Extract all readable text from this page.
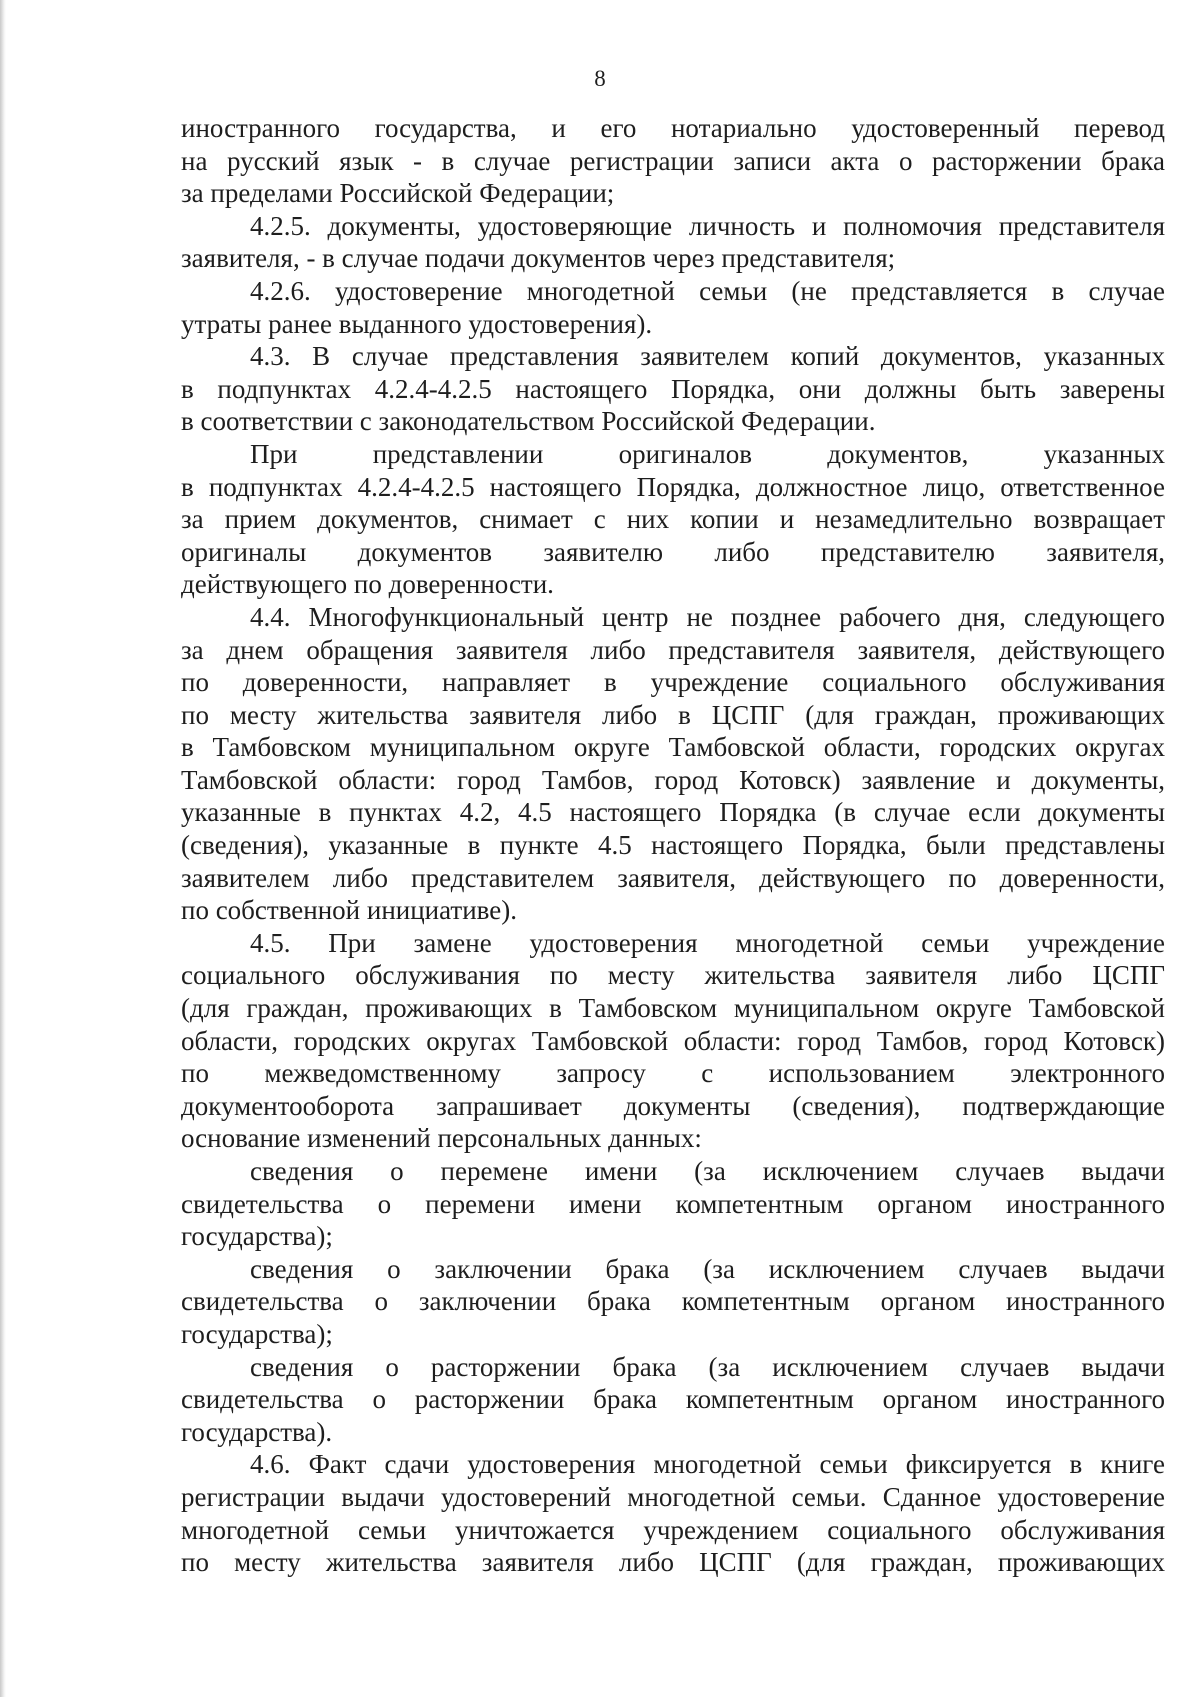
8
иностранного государства, и его нотариально удостоверенный перевод
на русский язык - в случае регистрации записи акта о расторжении брака
за пределами Российской Федерации;
4.2.5. документы, удостоверяющие личность и полномочия представителя
заявителя, - в случае подачи документов через представителя;
4.2.6. удостоверение многодетной семьи (не представляется в случае
утраты ранее выданного удостоверения).
4.3. В случае представления заявителем копий документов, указанных
в подпунктах 4.2.4-4.2.5 настоящего Порядка, они должны быть заверены
в соответствии с законодательством Российской Федерации.
При представлении оригиналов документов, указанных
в подпунктах 4.2.4-4.2.5 настоящего Порядка, должностное лицо, ответственное
за прием документов, снимает с них копии и незамедлительно возвращает
оригиналы документов заявителю либо представителю заявителя,
действующего по доверенности.
4.4. Многофункциональный центр не позднее рабочего дня, следующего
за днем обращения заявителя либо представителя заявителя, действующего
по доверенности, направляет в учреждение социального обслуживания
по месту жительства заявителя либо в ЦСПГ (для граждан, проживающих
в Тамбовском муниципальном округе Тамбовской области, городских округах
Тамбовской области: город Тамбов, город Котовск) заявление и документы,
указанные в пунктах 4.2, 4.5 настоящего Порядка (в случае если документы
(сведения), указанные в пункте 4.5 настоящего Порядка, были представлены
заявителем либо представителем заявителя, действующего по доверенности,
по собственной инициативе).
4.5. При замене удостоверения многодетной семьи учреждение
социального обслуживания по месту жительства заявителя либо ЦСПГ
(для граждан, проживающих в Тамбовском муниципальном округе Тамбовской
области, городских округах Тамбовской области: город Тамбов, город Котовск)
по межведомственному запросу с использованием электронного
документооборота запрашивает документы (сведения), подтверждающие
основание изменений персональных данных:
сведения о перемене имени (за исключением случаев выдачи
свидетельства о перемени имени компетентным органом иностранного
государства);
сведения о заключении брака (за исключением случаев выдачи
свидетельства о заключении брака компетентным органом иностранного
государства);
сведения о расторжении брака (за исключением случаев выдачи
свидетельства о расторжении брака компетентным органом иностранного
государства).
4.6. Факт сдачи удостоверения многодетной семьи фиксируется в книге
регистрации выдачи удостоверений многодетной семьи. Сданное удостоверение
многодетной семьи уничтожается учреждением социального обслуживания
по месту жительства заявителя либо ЦСПГ (для граждан, проживающих
